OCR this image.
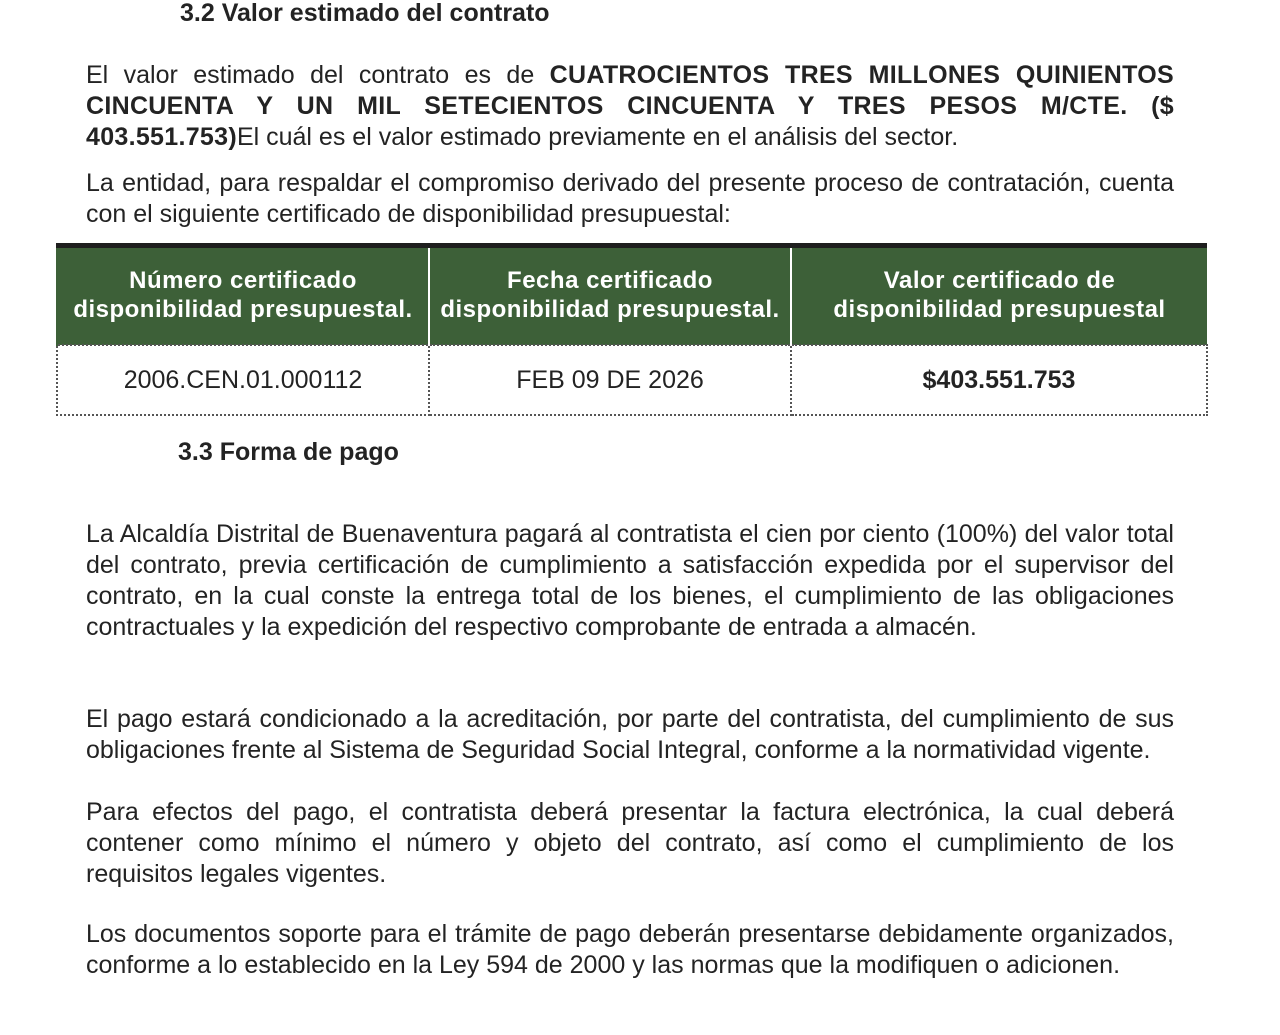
3.2 Valor estimado del contrato

El valor estimado del contrato es de CUATROCIENTOS TRES MILLONES QUINIENTOS CINCUENTA Y UN MIL SETECIENTOS CINCUENTA Y TRES PESOS M/CTE. ($ 403.551.753)El cuál es el valor estimado previamente en el análisis del sector.

La entidad, para respaldar el compromiso derivado del presente proceso de contratación, cuenta con el siguiente certificado de disponibilidad presupuestal:

Número certificado disponibilidad presupuestal.	Fecha certificado disponibilidad presupuestal.	Valor certificado de disponibilidad presupuestal
2006.CEN.01.000112	FEB 09 DE 2026	$403.551.753
3.3 Forma de pago

La Alcaldía Distrital de Buenaventura pagará al contratista el cien por ciento (100%) del valor total del contrato, previa certificación de cumplimiento a satisfacción expedida por el supervisor del contrato, en la cual conste la entrega total de los bienes, el cumplimiento de las obligaciones contractuales y la expedición del respectivo comprobante de entrada a almacén.

El pago estará condicionado a la acreditación, por parte del contratista, del cumplimiento de sus obligaciones frente al Sistema de Seguridad Social Integral, conforme a la normatividad vigente.

Para efectos del pago, el contratista deberá presentar la factura electrónica, la cual deberá contener como mínimo el número y objeto del contrato, así como el cumplimiento de los requisitos legales vigentes.

Los documentos soporte para el trámite de pago deberán presentarse debidamente organizados, conforme a lo establecido en la Ley 594 de 2000 y las normas que la modifiquen o adicionen.
